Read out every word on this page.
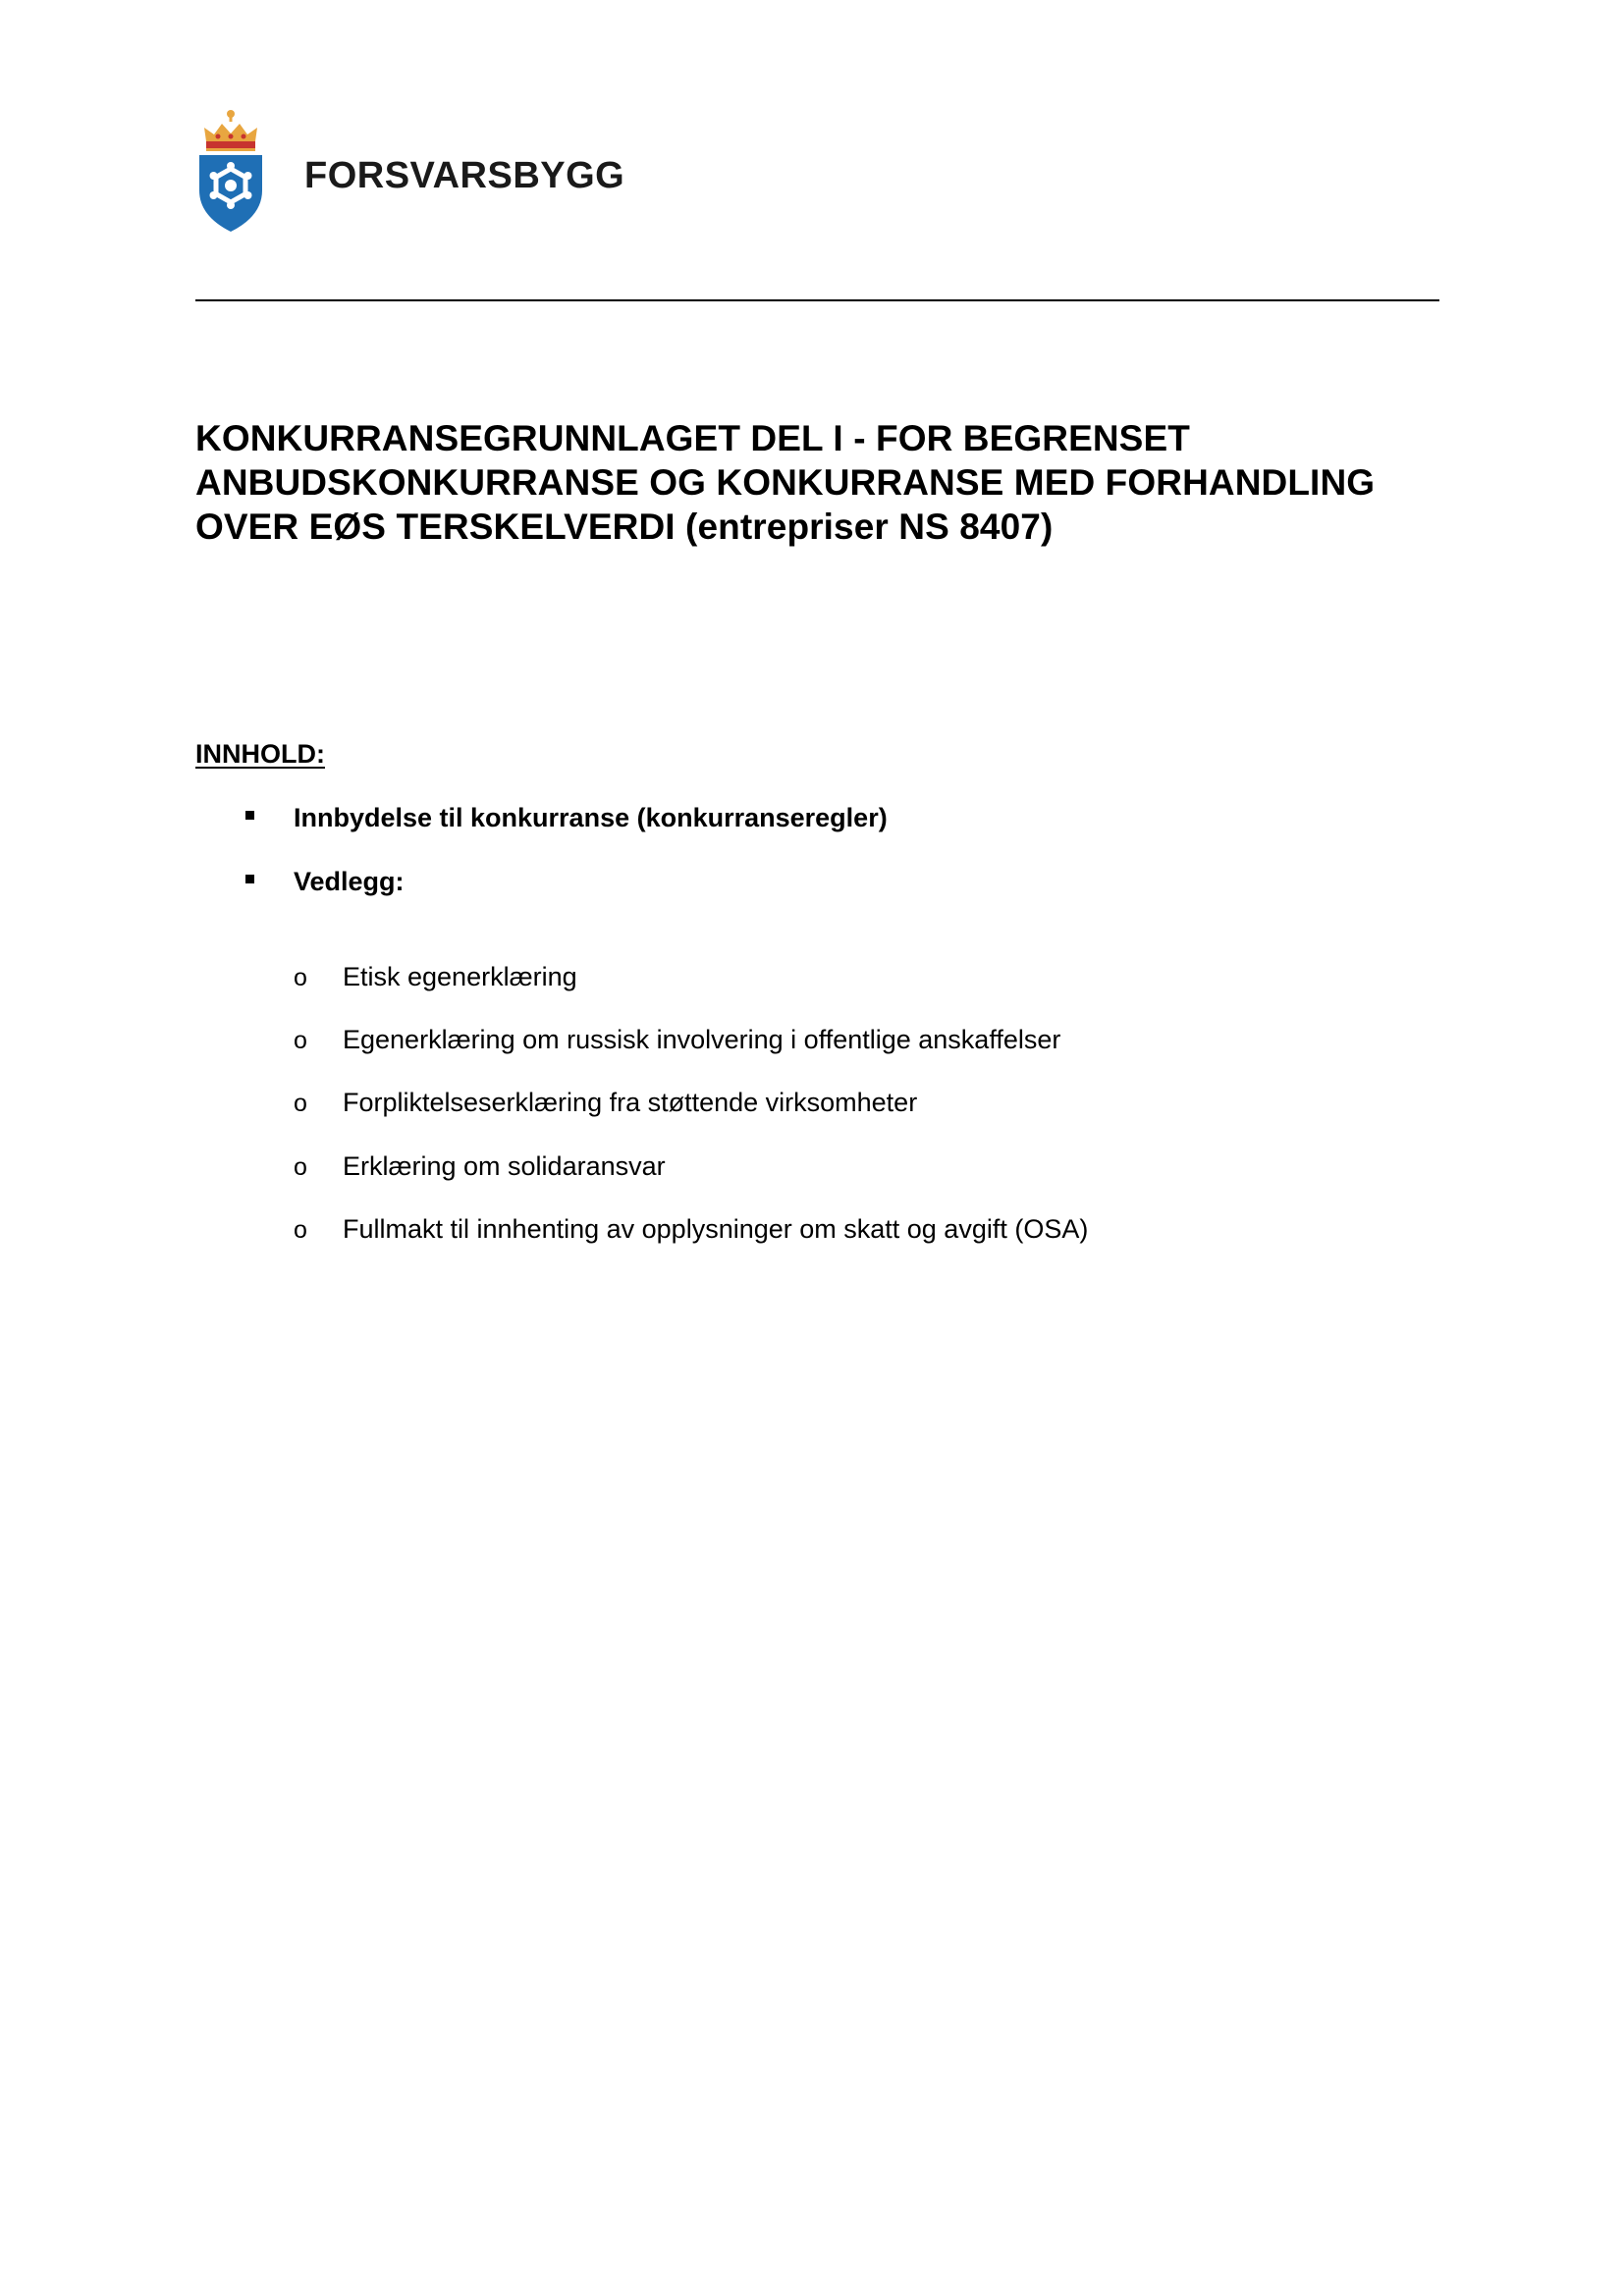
FORSVARSBYGG
KONKURRANSEGRUNNLAGET DEL I - FOR BEGRENSET ANBUDSKONKURRANSE OG KONKURRANSE MED FORHANDLING OVER EØS TERSKELVERDI (entrepriser NS 8407)
INNHOLD:
Innbydelse til konkurranse (konkurranseregler)
Vedlegg:
o	Etisk egenerklæring
o	Egenerklæring om russisk involvering i offentlige anskaffelser
o	Forpliktelseserklæring fra støttende virksomheter
o	Erklæring om solidaransvar
o	Fullmakt til innhenting av opplysninger om skatt og avgift (OSA)
